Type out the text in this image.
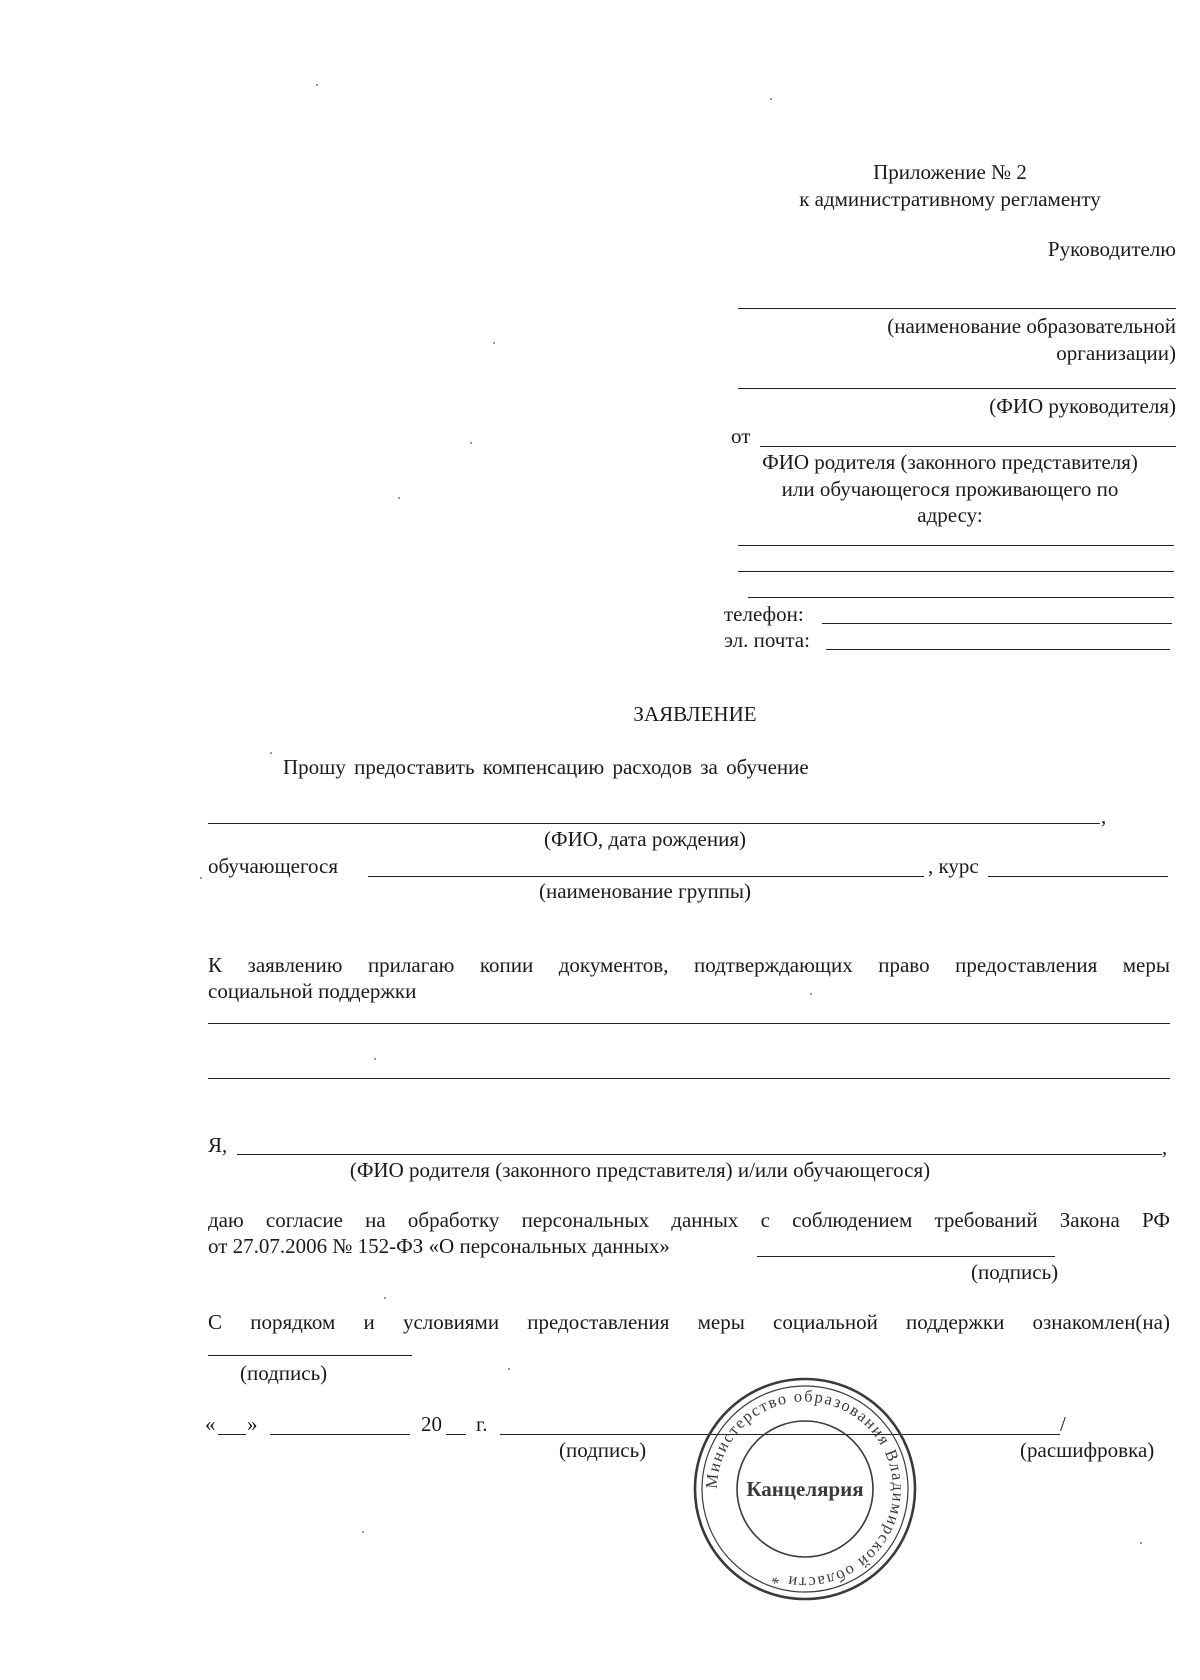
Приложение № 2
к административному регламенту
Руководителю
(наименование образовательной
организации)
(ФИО руководителя)
от
ФИО родителя (законного представителя)
или обучающегося проживающего по
адресу:
телефон:
эл. почта:
ЗАЯВЛЕНИЕ
Прошу предоставить компенсацию расходов за обучение
,
(ФИО, дата рождения)
обучающегося	, курс
(наименование группы)
К заявлению прилагаю копии документов, подтверждающих право предоставления меры
социальной поддержки
Я,	,
(ФИО родителя (законного представителя) и/или обучающегося)
даю согласие на обработку персональных данных с соблюдением требований Закона РФ
от 27.07.2006 № 152-ФЗ «О персональных данных»
(подпись)
С порядком и условиями предоставления меры социальной поддержки ознакомлен(на)
(подпись)
« »	20 г.	/
(подпись)	(расшифровка)
Министерство образования Владимирской области *
Канцелярия
